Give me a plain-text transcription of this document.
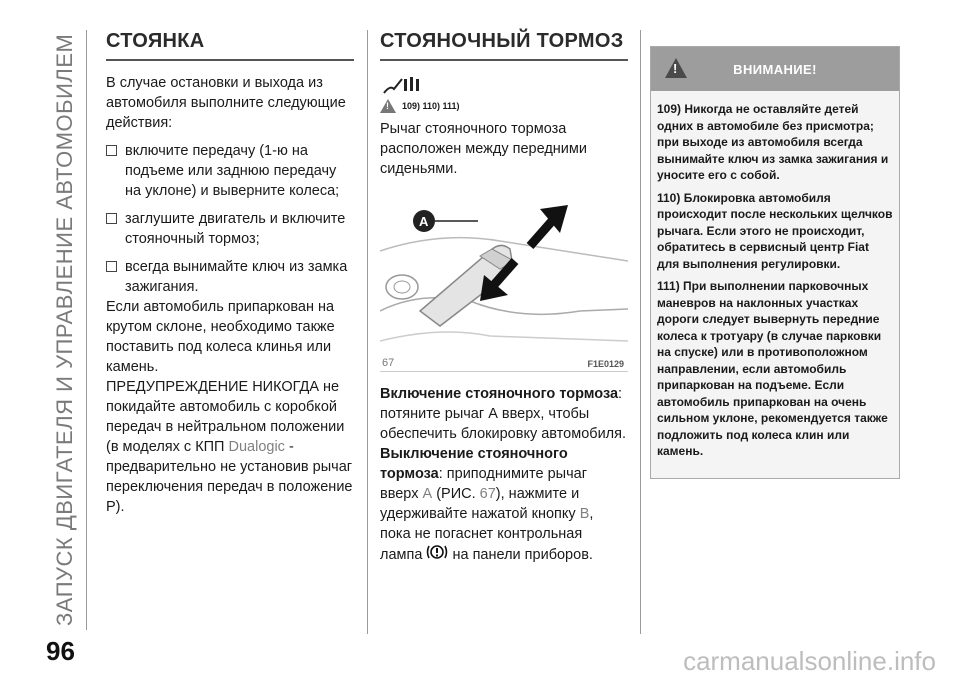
ЗАПУСК ДВИГАТЕЛЯ И УПРАВЛЕНИЕ АВТОМОБИЛЕМ	СТОЯНКА

В случае остановки и выхода из автомобиля выполните следующие действия:

включите передачу (1-ю на подъеме или заднюю передачу на уклоне) и выверните колеса;

заглушите двигатель и включите стояночный тормоз;

всегда вынимайте ключ из замка зажигания.

Если автомобиль припаркован на крутом склоне, необходимо также поставить под колеса клинья или камень.

ПРЕДУПРЕЖДЕНИЕ НИКОГДА не покидайте автомобиль с коробкой передач в нейтральном положении (в моделях с КПП Dualogic - предварительно не установив рычаг переключения передач в положение Р).

СТОЯНОЧНЫЙ ТОРМОЗ
! 109) 110) 111)

Рычаг стояночного тормоза расположен между передними сиденьями.

A
67	F1E0129

Включение стояночного тормоза: потяните рычаг А вверх, чтобы обеспечить блокировку автомобиля.

Выключение стояночного тормоза: приподнимите рычаг вверх А (РИС. 67), нажмите и удерживайте нажатой кнопку B, пока не погаснет контрольная лампа  на панели приборов.

!	ВНИМАНИЕ!

109) Никогда не оставляйте детей одних в автомобиле без присмотра; при выходе из автомобиля всегда вынимайте ключ из замка зажигания и уносите его с собой.

110) Блокировка автомобиля происходит после нескольких щелчков рычага. Если этого не происходит, обратитесь в сервисный центр Fiat для выполнения регулировки.

111) При выполнении парковочных маневров на наклонных участках дороги следует вывернуть передние колеса к тротуару (в случае парковки на спуске) или в противоположном направлении, если автомобиль припаркован на подъеме. Если автомобиль припаркован на очень сильном уклоне, рекомендуется также подложить под колеса клин или камень.

96	carmanualsonline.info
